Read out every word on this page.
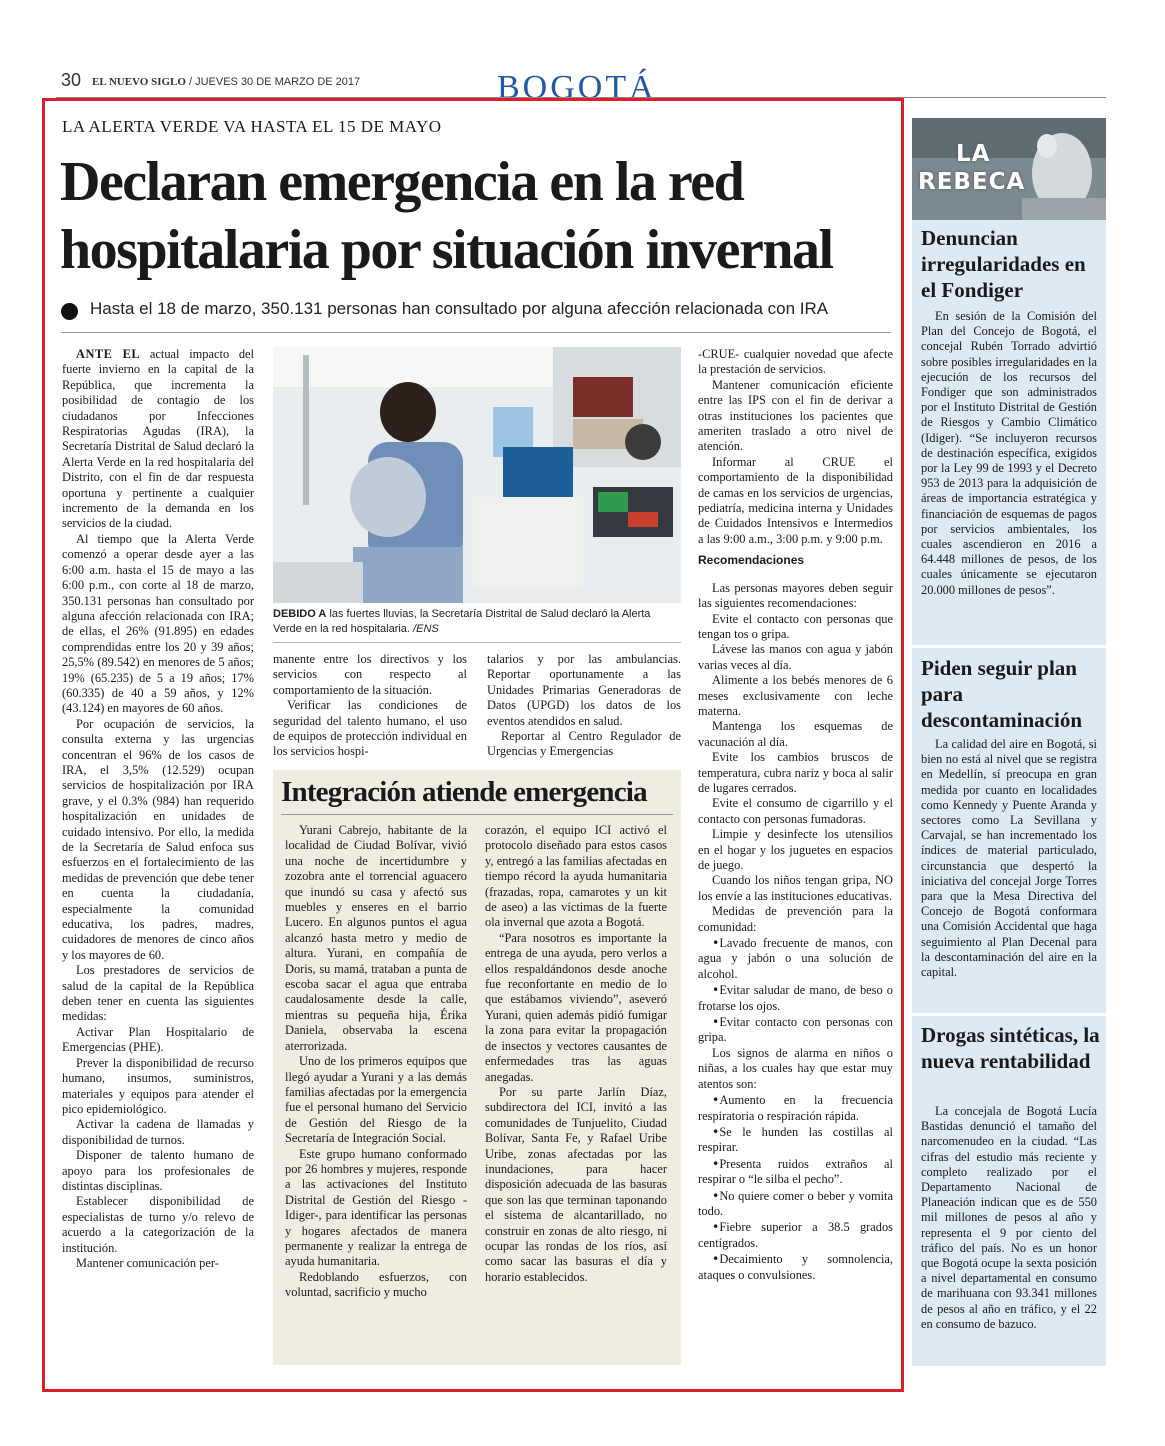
30 EL NUEVO SIGLO / JUEVES 30 DE MARZO DE 2017	BOGOTÁ
LA ALERTA VERDE VA HASTA EL 15 DE MAYO
Declaran emergencia en la red hospitalaria por situación invernal
Hasta el 18 de marzo, 350.131 personas han consultado por alguna afección relacionada con IRA

ANTE EL actual impacto del fuerte invierno en la capital de la República, que incrementa la posibilidad de contagio de los ciudadanos por Infecciones Respiratorias Agudas (IRA), la Secretaría Distrital de Salud declaró la Alerta Verde en la red hospitalaria del Distrito, con el fin de dar respuesta oportuna y pertinente a cualquier incremento de la demanda en los servicios de la ciudad.

Al tiempo que la Alerta Verde comenzó a operar desde ayer a las 6:00 a.m. hasta el 15 de mayo a las 6:00 p.m., con corte al 18 de marzo, 350.131 personas han consultado por alguna afección relacionada con IRA; de ellas, el 26% (91.895) en edades comprendidas entre los 20 y 39 años; 25,5% (89.542) en menores de 5 años; 19% (65.235) de 5 a 19 años; 17% (60.335) de 40 a 59 años, y 12% (43.124) en mayores de 60 años.

Por ocupación de servicios, la consulta externa y las urgencias concentran el 96% de los casos de IRA, el 3,5% (12.529) ocupan servicios de hospitalización por IRA grave, y el 0.3% (984) han requerido hospitalización en unidades de cuidado intensivo. Por ello, la medida de la Secretaría de Salud enfoca sus esfuerzos en el fortalecimiento de las medidas de prevención que debe tener en cuenta la ciudadanía, especialmente la comunidad educativa, los padres, madres, cuidadores de menores de cinco años y los mayores de 60.

Los prestadores de servicios de salud de la capital de la República deben tener en cuenta las siguientes medidas:

Activar Plan Hospitalario de Emergencias (PHE).

Prever la disponibilidad de recurso humano, insumos, suministros, materiales y equipos para atender el pico epidemiológico.

Activar la cadena de llamadas y disponibilidad de turnos.

Disponer de talento humano de apoyo para los profesionales de distintas disciplinas.

Establecer disponibilidad de especialistas de turno y/o relevo de acuerdo a la categorización de la institución.

Mantener comunicación per-

DEBIDO A las fuertes lluvias, la Secretaría Distrital de Salud declaró la Alerta Verde en la red hospitalaria. /ENS

manente entre los directivos y los servicios con respecto al comportamiento de la situación.

Verificar las condiciones de seguridad del talento humano, el uso de equipos de protección individual en los servicios hospi-

talarios y por las ambulancias. Reportar oportunamente a las Unidades Primarias Generadoras de Datos (UPGD) los datos de los eventos atendidos en salud.

Reportar al Centro Regulador de Urgencias y Emergencias

Integración atiende emergencia

Yurani Cabrejo, habitante de la localidad de Ciudad Bolívar, vivió una noche de incertidumbre y zozobra ante el torrencial aguacero que inundó su casa y afectó sus muebles y enseres en el barrio Lucero. En algunos puntos el agua alcanzó hasta metro y medio de altura. Yurani, en compañía de Doris, su mamá, trataban a punta de escoba sacar el agua que entraba caudalosamente desde la calle, mientras su pequeña hija, Érika Daniela, observaba la escena aterrorizada.

Uno de los primeros equipos que llegó ayudar a Yurani y a las demás familias afectadas por la emergencia fue el personal humano del Servicio de Gestión del Riesgo de la Secretaría de Integración Social.

Este grupo humano conformado por 26 hombres y mujeres, responde a las activaciones del Instituto Distrital de Gestión del Riesgo -Idiger-, para identificar las personas y hogares afectados de manera permanente y realizar la entrega de ayuda humanitaria.

Redoblando esfuerzos, con voluntad, sacrificio y mucho

corazón, el equipo ICI activó el protocolo diseñado para estos casos y, entregó a las familias afectadas en tiempo récord la ayuda humanitaria (frazadas, ropa, camarotes y un kit de aseo) a las víctimas de la fuerte ola invernal que azota a Bogotá.

“Para nosotros es importante la entrega de una ayuda, pero verlos a ellos respaldándonos desde anoche fue reconfortante en medio de lo que estábamos viviendo”, aseveró Yurani, quien además pidió fumigar la zona para evitar la propagación de insectos y vectores causantes de enfermedades tras las aguas anegadas.

Por su parte Jarlín Díaz, subdirectora del ICI, invitó a las comunidades de Tunjuelito, Ciudad Bolívar, Santa Fe, y Rafael Uribe Uribe, zonas afectadas por las inundaciones, para hacer disposición adecuada de las basuras que son las que terminan taponando el sistema de alcantarillado, no construir en zonas de alto riesgo, ni ocupar las rondas de los ríos, así como sacar las basuras el día y horario establecidos.

-CRUE- cualquier novedad que afecte la prestación de servicios.

Mantener comunicación eficiente entre las IPS con el fin de derivar a otras instituciones los pacientes que ameriten traslado a otro nivel de atención.

Informar al CRUE el comportamiento de la disponibilidad de camas en los servicios de urgencias, pediatría, medicina interna y Unidades de Cuidados Intensivos e Intermedios a las 9:00 a.m., 3:00 p.m. y 9:00 p.m.

Recomendaciones

Las personas mayores deben seguir las siguientes recomendaciones:

Evite el contacto con personas que tengan tos o gripa.

Lávese las manos con agua y jabón varias veces al día.

Alimente a los bebés menores de 6 meses exclusivamente con leche materna.

Mantenga los esquemas de vacunación al día.

Evite los cambios bruscos de temperatura, cubra nariz y boca al salir de lugares cerrados.

Evite el consumo de cigarrillo y el contacto con personas fumadoras.

Limpie y desinfecte los utensilios en el hogar y los juguetes en espacios de juego.

Cuando los niños tengan gripa, NO los envíe a las instituciones educativas.

Medidas de prevención para la comunidad:

•Lavado frecuente de manos, con agua y jabón o una solución de alcohol.

•Evitar saludar de mano, de beso o frotarse los ojos.

•Evitar contacto con personas con gripa.

Los signos de alarma en niños o niñas, a los cuales hay que estar muy atentos son:

•Aumento en la frecuencia respiratoria o respiración rápida.

•Se le hunden las costillas al respirar.

•Presenta ruidos extraños al respirar o “le silba el pecho”.

•No quiere comer o beber y vomita todo.

•Fiebre superior a 38.5 grados centígrados.

•Decaimiento y somnolencia, ataques o convulsiones.

LA
REBECA
Denuncian irregularidades en el Fondiger

En sesión de la Comisión del Plan del Concejo de Bogotá, el concejal Rubén Torrado advirtió sobre posibles irregularidades en la ejecución de los recursos del Fondiger que son administrados por el Instituto Distrital de Gestión de Riesgos y Cambio Climático (Idiger). “Se incluyeron recursos de destinación específica, exigidos por la Ley 99 de 1993 y el Decreto 953 de 2013 para la adquisición de áreas de importancia estratégica y financiación de esquemas de pagos por servicios ambientales, los cuales ascendieron en 2016 a 64.448 millones de pesos, de los cuales únicamente se ejecutaron 20.000 millones de pesos”.

Piden seguir plan para descontaminación

La calidad del aire en Bogotá, si bien no está al nivel que se registra en Medellín, sí preocupa en gran medida por cuanto en localidades como Kennedy y Puente Aranda y sectores como La Sevillana y Carvajal, se han incrementado los índices de material particulado, circunstancia que despertó la iniciativa del concejal Jorge Torres para que la Mesa Directiva del Concejo de Bogotá conformara una Comisión Accidental que haga seguimiento al Plan Decenal para la descontaminación del aire en la capital.

Drogas sintéticas, la nueva rentabilidad

La concejala de Bogotá Lucía Bastidas denunció el tamaño del narcomenudeo en la ciudad. “Las cifras del estudio más reciente y completo realizado por el Departamento Nacional de Planeación indican que es de 550 mil millones de pesos al año y representa el 9 por ciento del tráfico del país. No es un honor que Bogotá ocupe la sexta posición a nivel departamental en consumo de marihuana con 93.341 millones de pesos al año en tráfico, y el 22 en consumo de bazuco.
